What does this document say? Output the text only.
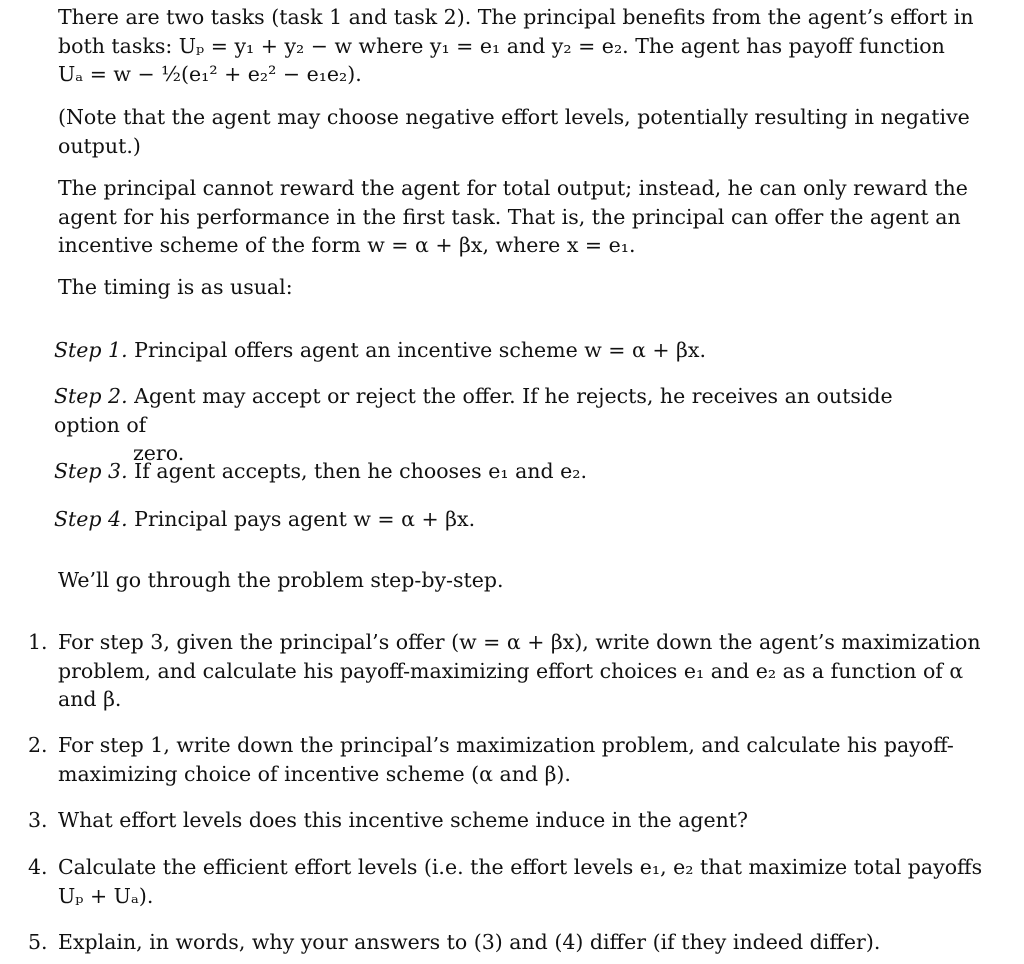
There are two tasks (task 1 and task 2). The principal benefits from the agent’s effort in
both tasks: Uₚ = y₁ + y₂ − w where y₁ = e₁ and y₂ = e₂. The agent has payoff function
Uₐ = w − ½(e₁² + e₂² − e₁e₂).
(Note that the agent may choose negative effort levels, potentially resulting in negative
output.)
The principal cannot reward the agent for total output; instead, he can only reward the
agent for his performance in the first task. That is, the principal can offer the agent an
incentive scheme of the form w = α + βx, where x = e₁.
The timing is as usual:
Step 1. Principal offers agent an incentive scheme w = α + βx.
Step 2. Agent may accept or reject the offer. If he rejects, he receives an outside option of
zero.
Step 3. If agent accepts, then he chooses e₁ and e₂.
Step 4. Principal pays agent w = α + βx.
We’ll go through the problem step-by-step.
1. For step 3, given the principal’s offer (w = α + βx), write down the agent’s maximization
problem, and calculate his payoff-maximizing effort choices e₁ and e₂ as a function of α
and β.
2. For step 1, write down the principal’s maximization problem, and calculate his payoff-
maximizing choice of incentive scheme (α and β).
3. What effort levels does this incentive scheme induce in the agent?
4. Calculate the efficient effort levels (i.e. the effort levels e₁, e₂ that maximize total payoffs
Uₚ + Uₐ).
5. Explain, in words, why your answers to (3) and (4) differ (if they indeed differ).
